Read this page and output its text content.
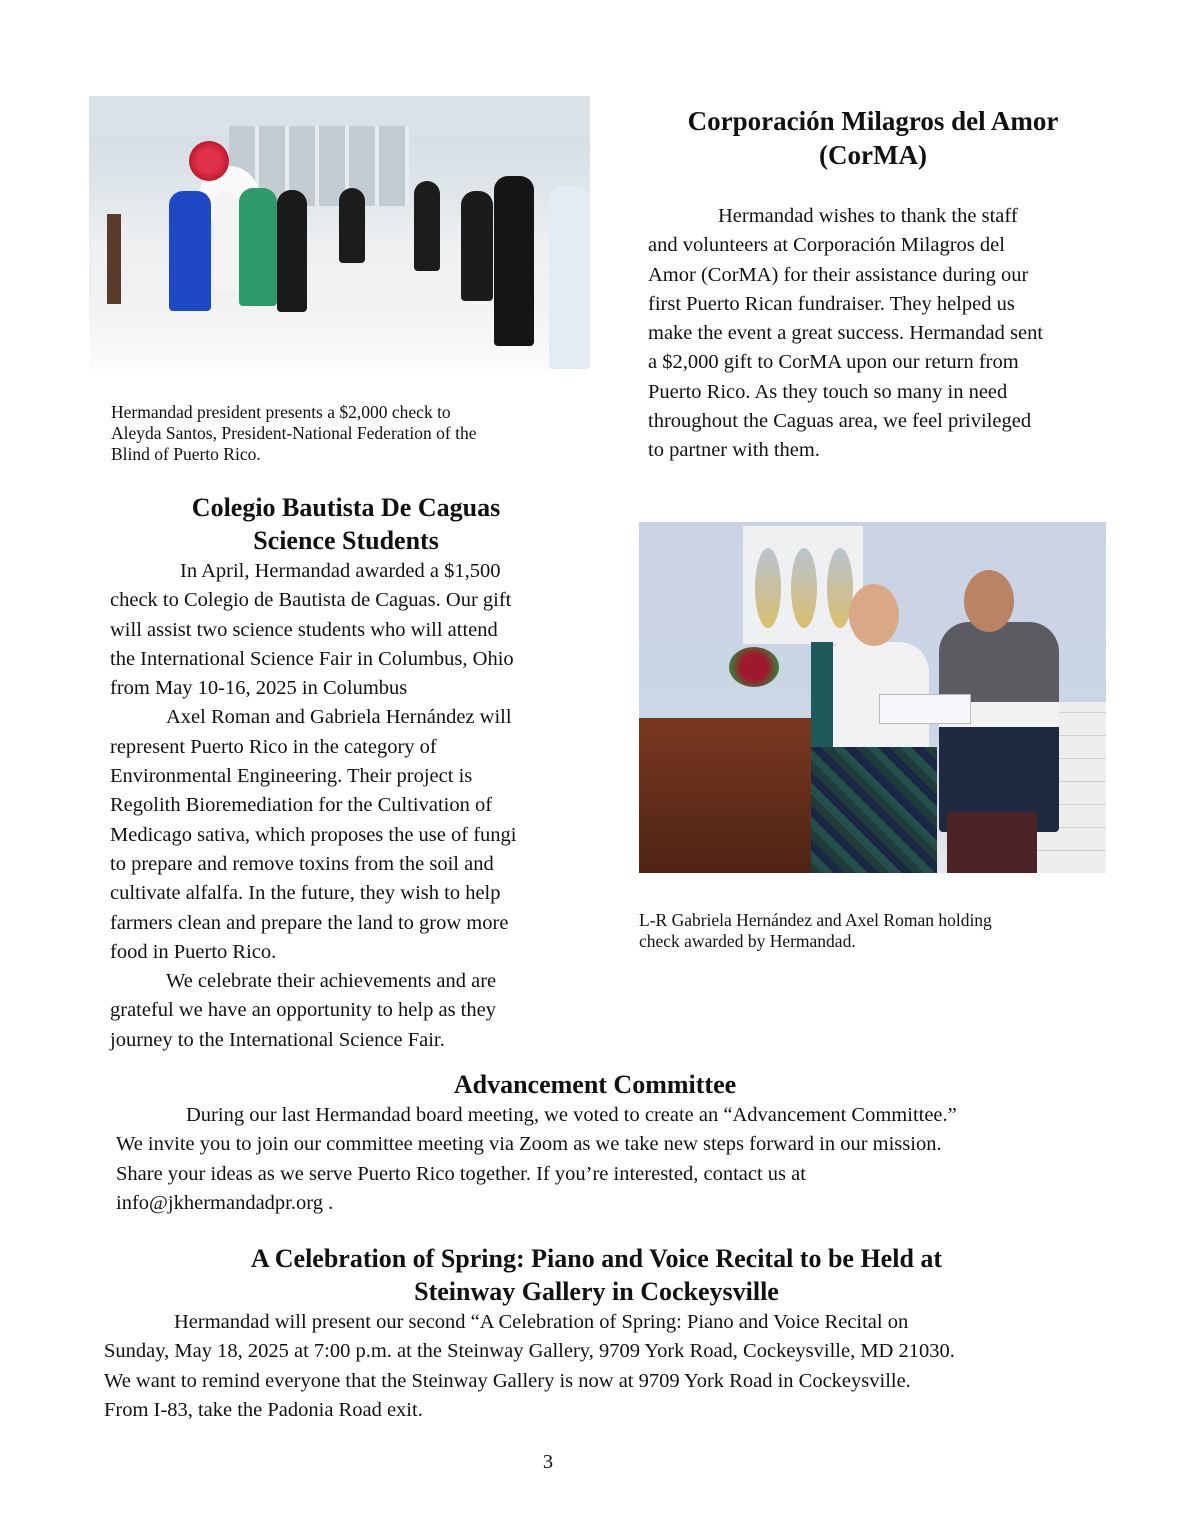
Hermandad president presents a $2,000 check to
Aleyda Santos, President-National Federation of the
Blind of Puerto Rico.
Corporación Milagros del Amor
(CorMA)

Hermandad wishes to thank the staff
and volunteers at Corporación Milagros del
Amor (CorMA) for their assistance during our
first Puerto Rican fundraiser. They helped us
make the event a great success. Hermandad sent
a $2,000 gift to CorMA upon our return from
Puerto Rico. As they touch so many in need
throughout the Caguas area, we feel privileged
to partner with them.

Colegio Bautista De Caguas
Science Students

In April, Hermandad awarded a $1,500
check to Colegio de Bautista de Caguas. Our gift
will assist two science students who will attend
the International Science Fair in Columbus, Ohio
from May 10-16, 2025 in Columbus

Axel Roman and Gabriela Hernández will
represent Puerto Rico in the category of
Environmental Engineering. Their project is
Regolith Bioremediation for the Cultivation of
Medicago sativa, which proposes the use of fungi
to prepare and remove toxins from the soil and
cultivate alfalfa. In the future, they wish to help
farmers clean and prepare the land to grow more
food in Puerto Rico.

We celebrate their achievements and are
grateful we have an opportunity to help as they
journey to the International Science Fair.

L-R Gabriela Hernández and Axel Roman holding
check awarded by Hermandad.
Advancement Committee

During our last Hermandad board meeting, we voted to create an “Advancement Committee.”
We invite you to join our committee meeting via Zoom as we take new steps forward in our mission.
Share your ideas as we serve Puerto Rico together. If you’re interested, contact us at
info@jkhermandadpr.org .

A Celebration of Spring: Piano and Voice Recital to be Held at
Steinway Gallery in Cockeysville

Hermandad will present our second “A Celebration of Spring: Piano and Voice Recital on
Sunday, May 18, 2025 at 7:00 p.m. at the Steinway Gallery, 9709 York Road, Cockeysville, MD 21030.
We want to remind everyone that the Steinway Gallery is now at 9709 York Road in Cockeysville.
From I-83, take the Padonia Road exit.

3
